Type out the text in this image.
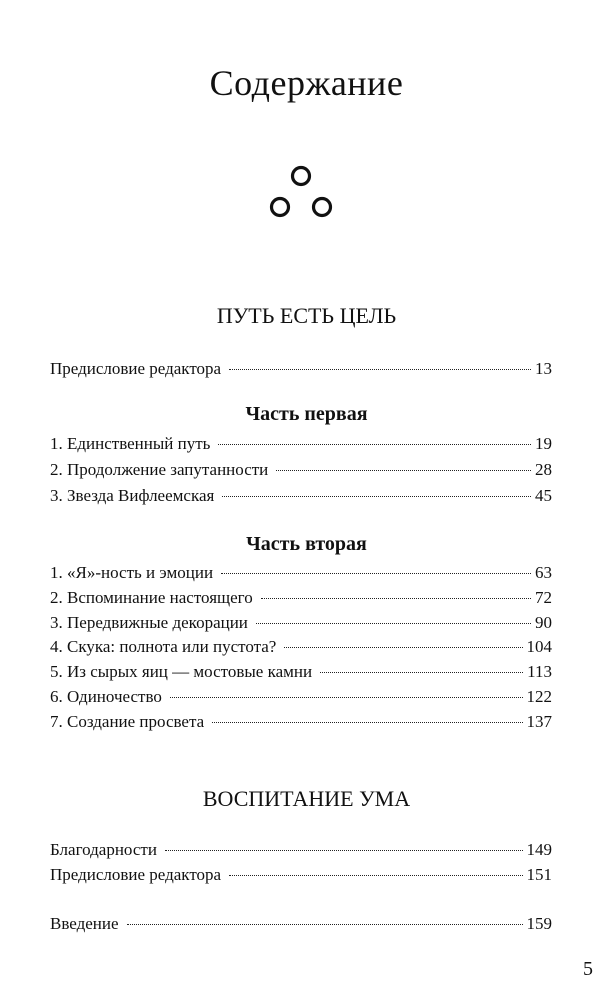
Содержание
ПУТЬ ЕСТЬ ЦЕЛЬ
Предисловие редактора	13
Часть первая
1. Единственный путь	19
2. Продолжение запутанности	28
3. Звезда Вифлеемская	45
Часть вторая
1. «Я»-ность и эмоции	63
2. Вспоминание настоящего	72
3. Передвижные декорации	90
4. Скука: полнота или пустота?	104
5. Из сырых яиц — мостовые камни	113
6. Одиночество	122
7. Создание просвета	137
ВОСПИТАНИЕ УМА
Благодарности	149
Предисловие редактора	151
Введение	159
5
